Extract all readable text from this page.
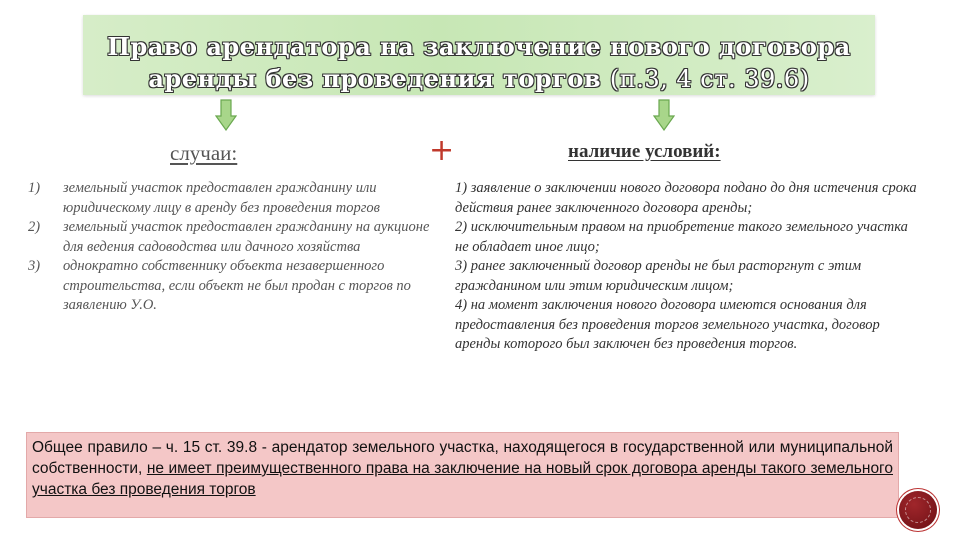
Право арендатора на заключение нового договора
аренды без проведения торгов (п.3, 4 ст. 39.6)
случаи:	+	наличие условий:
1) земельный участок предоставлен гражданину или юридическому лицу в аренду без проведения торгов
2) земельный участок предоставлен гражданину на аукционе для ведения садоводства или дачного хозяйства
3) однократно собственнику объекта незавершенного строительства, если объект не был продан с торгов по заявлению У.О.

1) заявление о заключении нового договора подано до дня истечения срока действия ранее заключенного договора аренды;

2) исключительным правом на приобретение такого земельного участка не обладает иное лицо;

3) ранее заключенный договор аренды не был расторгнут с этим гражданином или этим юридическим лицом;

4) на момент заключения нового договора имеются основания для предоставления без проведения торгов земельного участка, договор аренды которого был заключен без проведения торгов.

Общее правило – ч. 15 ст. 39.8 - арендатор земельного участка, находящегося в государственной или муниципальной собственности, не имеет преимущественного права на заключение на новый срок договора аренды такого земельного участка без проведения торгов
